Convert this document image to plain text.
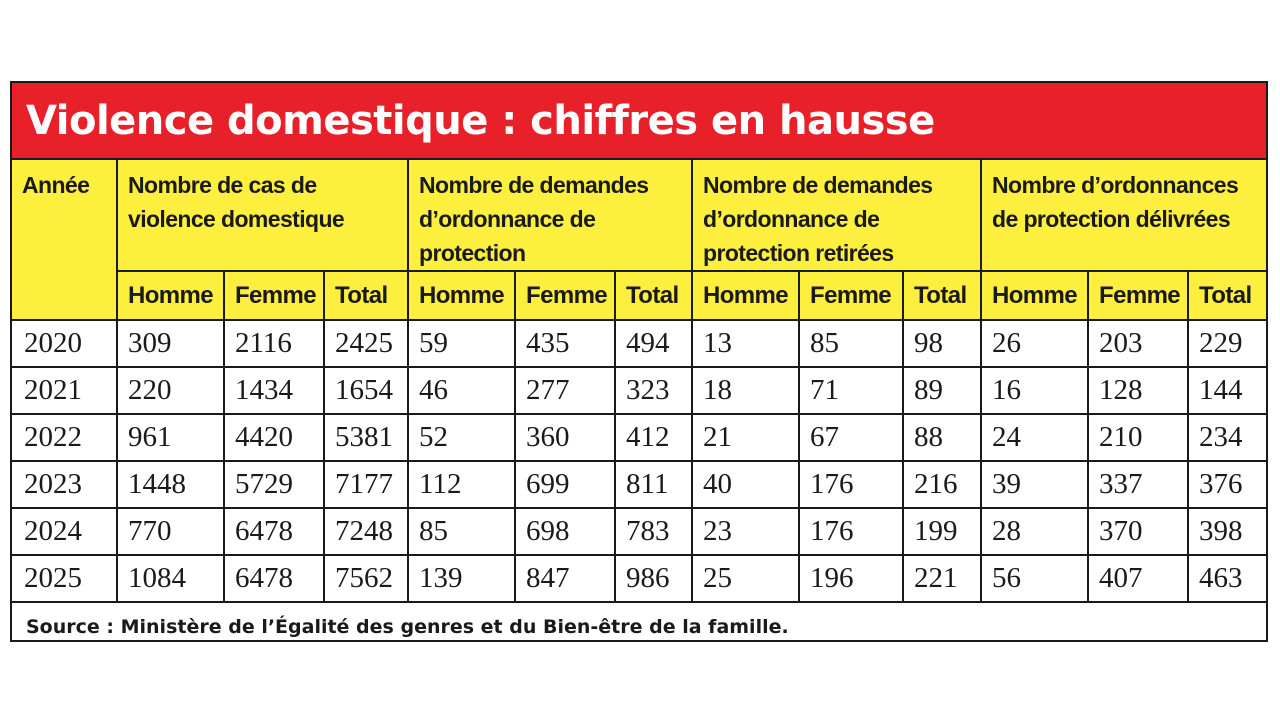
Violence domestique : chiffres en hausse
Année	Nombre de cas de violence domestique			Nombre de demandes d’ordonnance de protection			Nombre de demandes d’ordonnance de protection retirées			Nombre d’ordonnances de protection délivrées		
	Homme	Femme	Total	Homme	Femme	Total	Homme	Femme	Total	Homme	Femme	Total
2020	309	2116	2425	59	435	494	13	85	98	26	203	229
2021	220	1434	1654	46	277	323	18	71	89	16	128	144
2022	961	4420	5381	52	360	412	21	67	88	24	210	234
2023	1448	5729	7177	112	699	811	40	176	216	39	337	376
2024	770	6478	7248	85	698	783	23	176	199	28	370	398
2025	1084	6478	7562	139	847	986	25	196	221	56	407	463
Source : Ministère de l’Égalité des genres et du Bien-être de la famille.												
